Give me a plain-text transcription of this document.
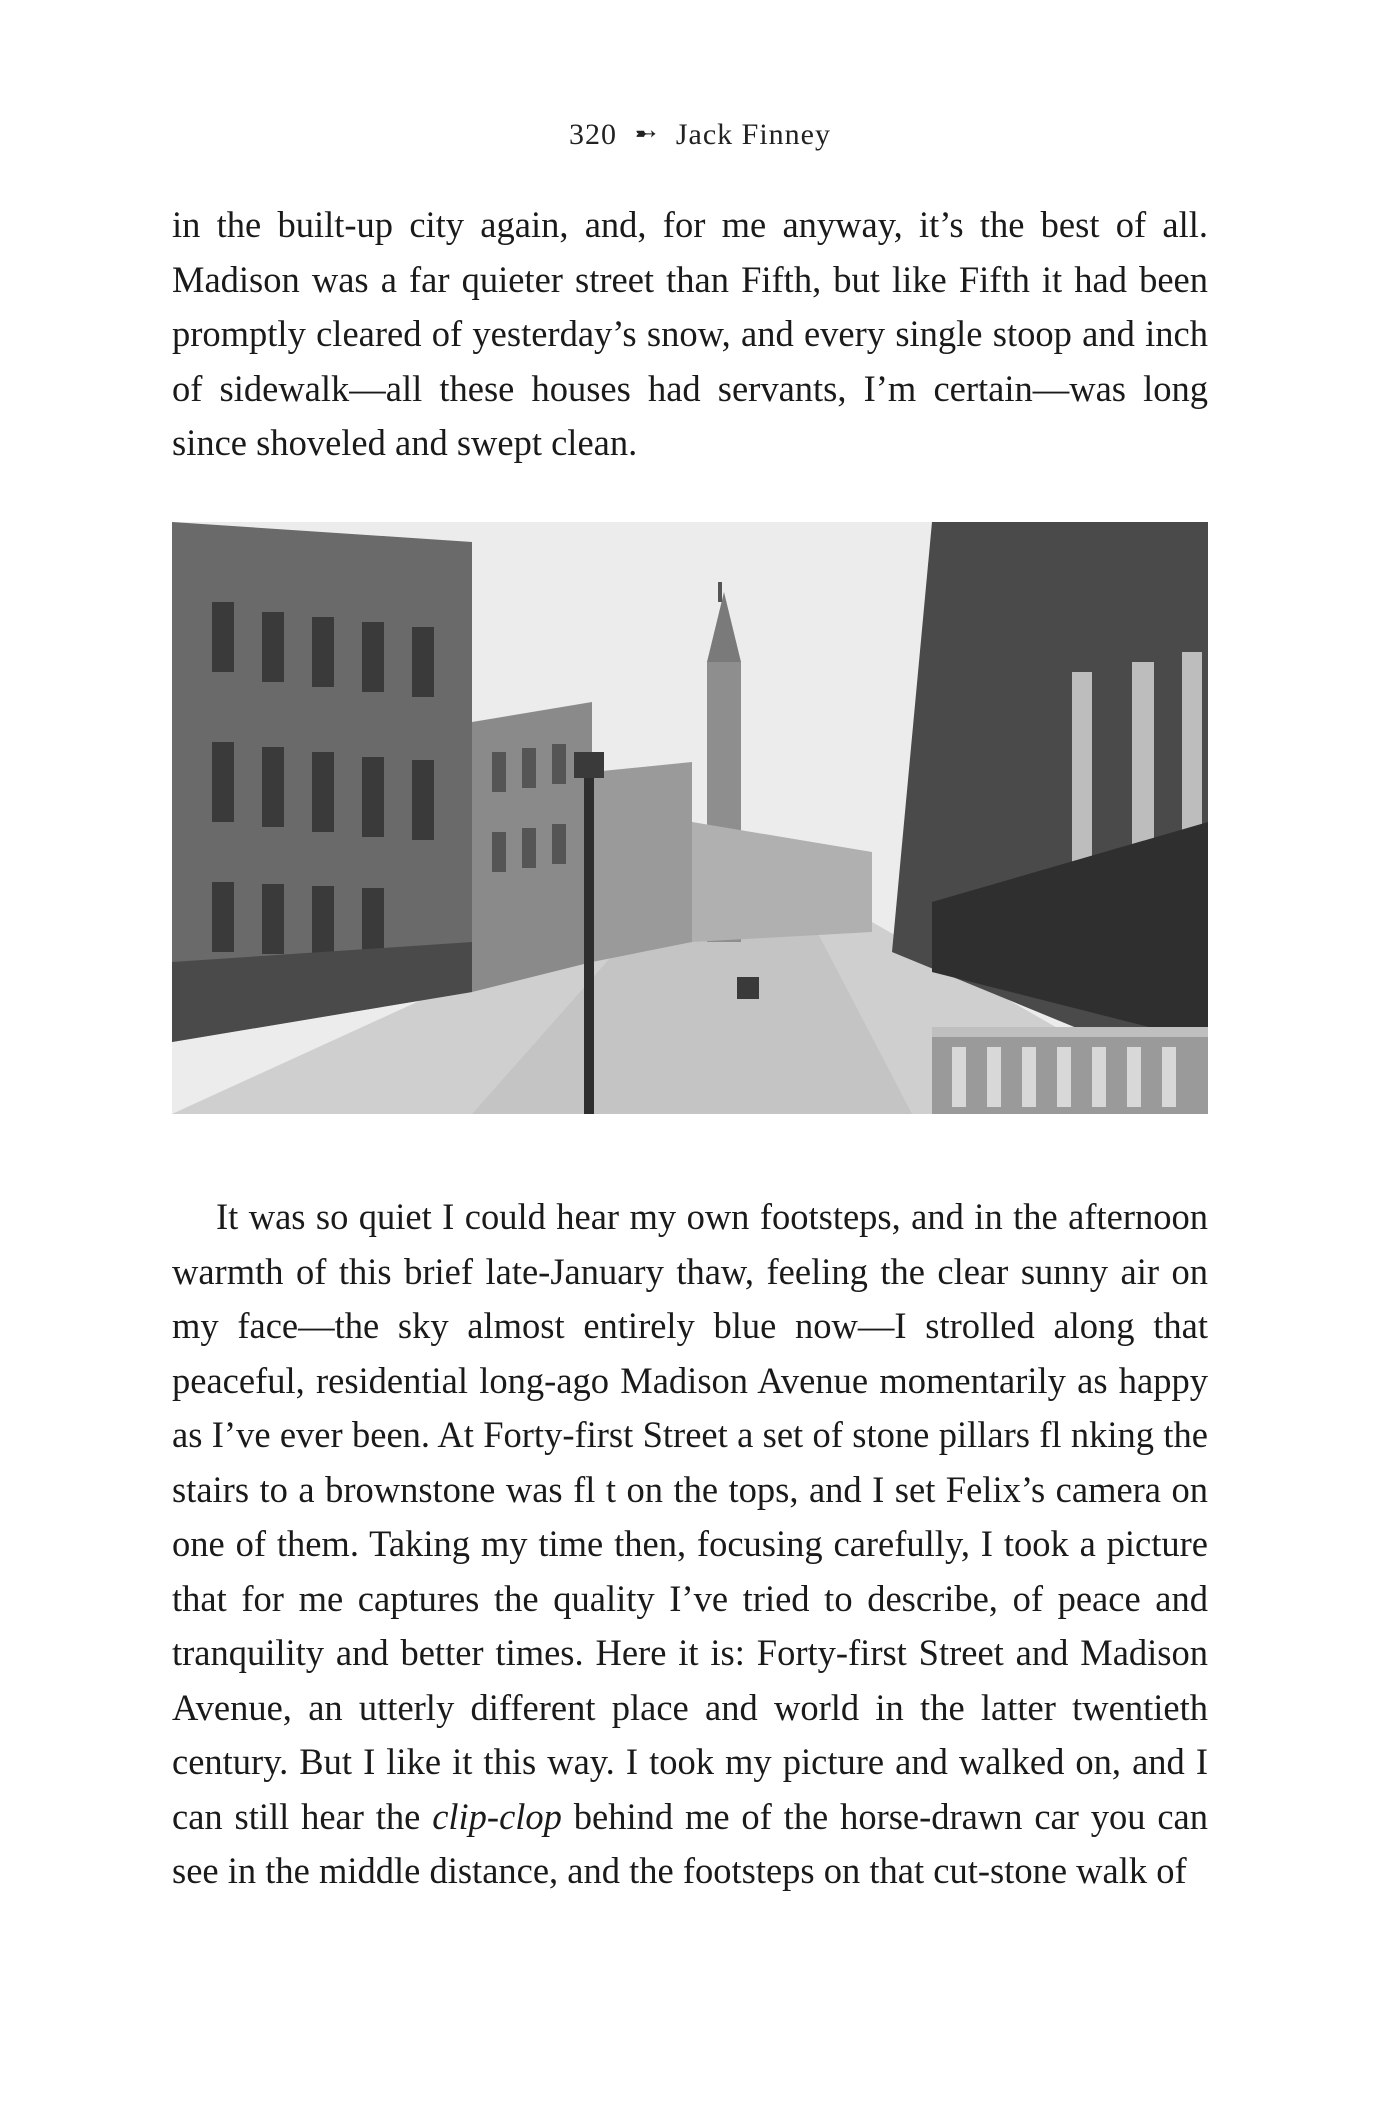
320 ➸ Jack Finney

in the built-up city again, and, for me anyway, it’s the best of all. Madison was a far quieter street than Fifth, but like Fifth it had been promptly cleared of yesterday’s snow, and every single stoop and inch of sidewalk—all these houses had servants, I’m certain—was long since shoveled and swept clean.

It was so quiet I could hear my own footsteps, and in the afternoon warmth of this brief late-January thaw, feeling the clear sunny air on my face—the sky almost entirely blue now—I strolled along that peaceful, residential long-ago Madison Avenue momentarily as happy as I’ve ever been. At Forty-first Street a set of stone pillars fl nking the stairs to a brownstone was fl t on the tops, and I set Felix’s camera on one of them. Taking my time then, focusing carefully, I took a picture that for me captures the quality I’ve tried to describe, of peace and tranquility and better times. Here it is: Forty-first Street and Madison Avenue, an utterly different place and world in the latter twentieth century. But I like it this way. I took my picture and walked on, and I can still hear the clip-clop behind me of the horse-drawn car you can see in the middle distance, and the footsteps on that cut-stone walk of
